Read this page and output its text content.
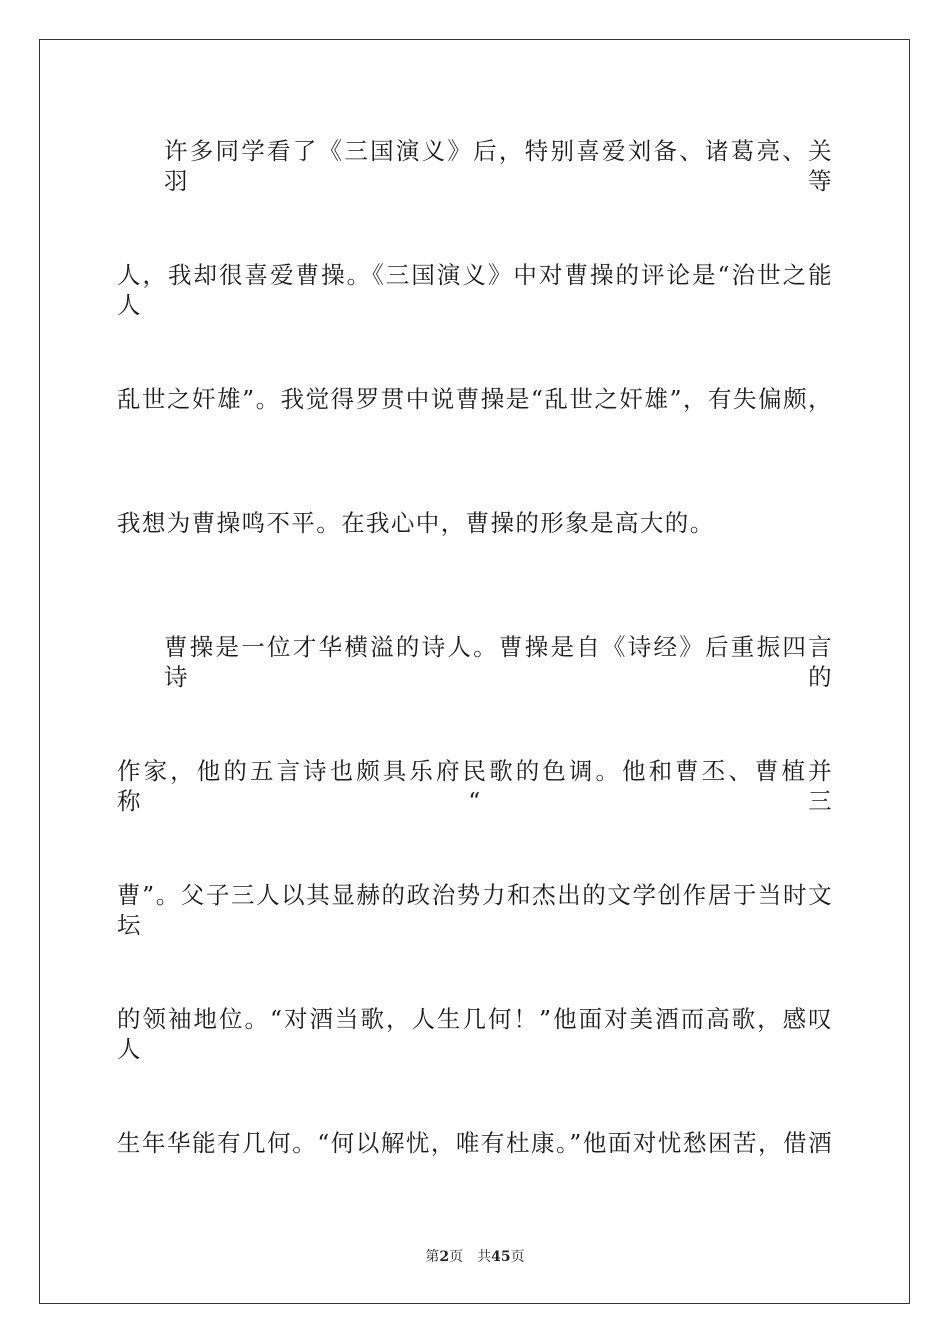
许多同学看了《三国演义》后，特别喜爱刘备、诸葛亮、关羽等
人，我却很喜爱曹操。《三国演义》中对曹操的评论是“治世之能人
乱世之奸雄”。我觉得罗贯中说曹操是“乱世之奸雄”，有失偏颇，
我想为曹操鸣不平。在我心中，曹操的形象是高大的。
曹操是一位才华横溢的诗人。曹操是自《诗经》后重振四言诗的
作家，他的五言诗也颇具乐府民歌的色调。他和曹丕、曹植并称“三
曹”。父子三人以其显赫的政治势力和杰出的文学创作居于当时文坛
的领袖地位。“对酒当歌，人生几何！”他面对美酒而高歌，感叹人
生年华能有几何。“何以解忧，唯有杜康。”他面对忧愁困苦，借酒
第2页 共45页
